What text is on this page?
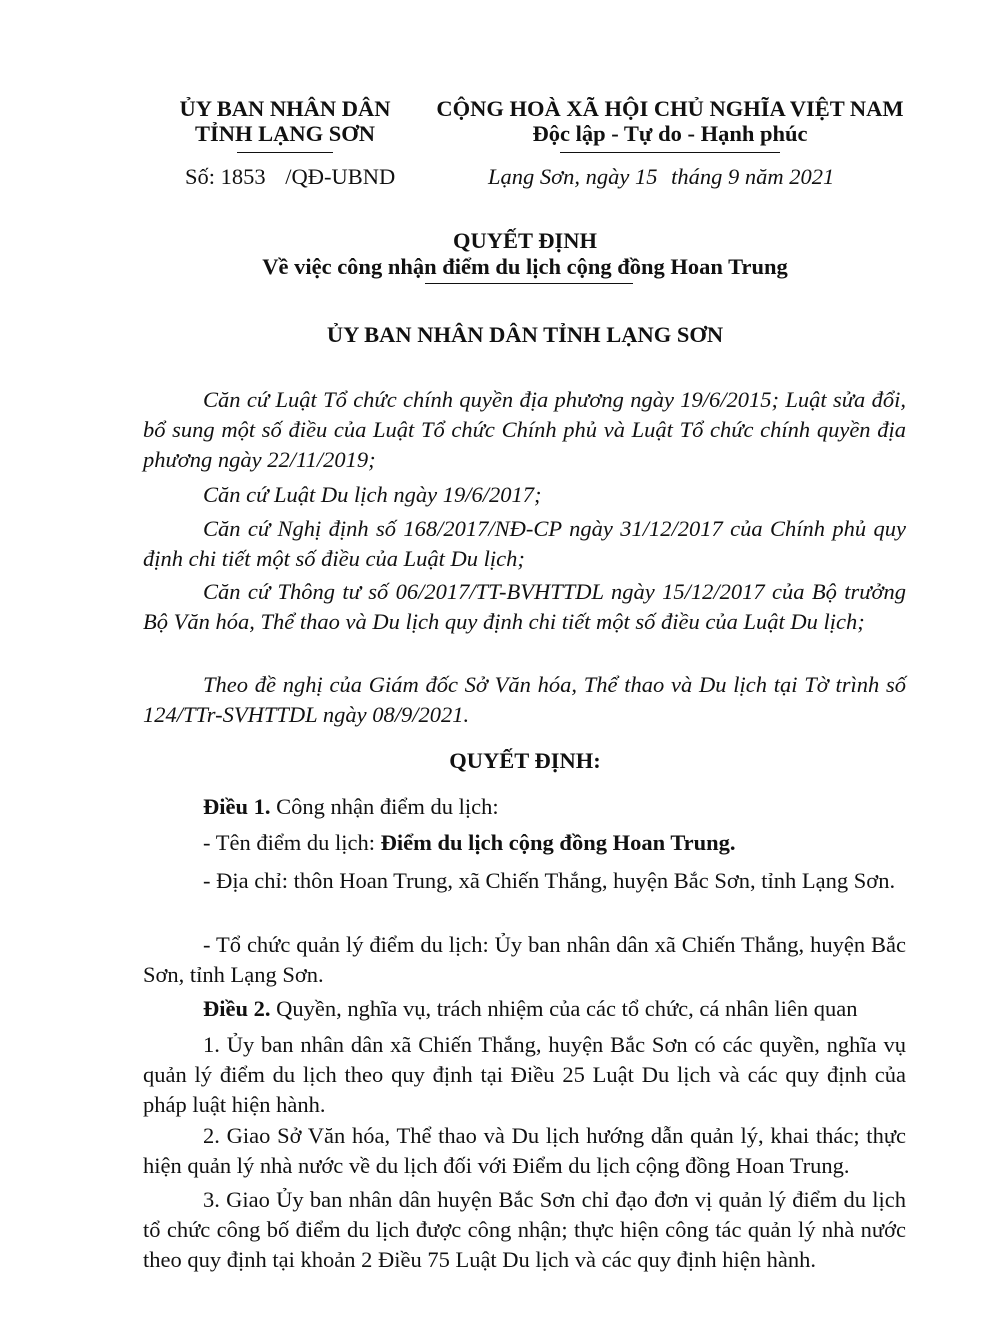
ỦY BAN NHÂN DÂN
TỈNH LẠNG SƠN
CỘNG HOÀ XÃ HỘI CHỦ NGHĨA VIỆT NAM
Độc lập - Tự do - Hạnh phúc
Số: 1853 /QĐ-UBND	Lạng Sơn, ngày 15 tháng 9 năm 2021
QUYẾT ĐỊNH
Về việc công nhận điểm du lịch cộng đồng Hoan Trung
ỦY BAN NHÂN DÂN TỈNH LẠNG SƠN
Căn cứ Luật Tổ chức chính quyền địa phương ngày 19/6/2015; Luật sửa đổi, bổ sung một số điều của Luật Tổ chức Chính phủ và Luật Tổ chức chính quyền địa phương ngày 22/11/2019;
Căn cứ Luật Du lịch ngày 19/6/2017;
Căn cứ Nghị định số 168/2017/NĐ-CP ngày 31/12/2017 của Chính phủ quy định chi tiết một số điều của Luật Du lịch;
Căn cứ Thông tư số 06/2017/TT-BVHTTDL ngày 15/12/2017 của Bộ trưởng Bộ Văn hóa, Thể thao và Du lịch quy định chi tiết một số điều của Luật Du lịch;
Theo đề nghị của Giám đốc Sở Văn hóa, Thể thao và Du lịch tại Tờ trình số 124/TTr-SVHTTDL ngày 08/9/2021.
QUYẾT ĐỊNH:
Điều 1. Công nhận điểm du lịch:
- Tên điểm du lịch: Điểm du lịch cộng đồng Hoan Trung.
- Địa chỉ: thôn Hoan Trung, xã Chiến Thắng, huyện Bắc Sơn, tỉnh Lạng Sơn.
- Tổ chức quản lý điểm du lịch: Ủy ban nhân dân xã Chiến Thắng, huyện Bắc Sơn, tỉnh Lạng Sơn.
Điều 2. Quyền, nghĩa vụ, trách nhiệm của các tổ chức, cá nhân liên quan
1. Ủy ban nhân dân xã Chiến Thắng, huyện Bắc Sơn có các quyền, nghĩa vụ quản lý điểm du lịch theo quy định tại Điều 25 Luật Du lịch và các quy định của pháp luật hiện hành.
2. Giao Sở Văn hóa, Thể thao và Du lịch hướng dẫn quản lý, khai thác; thực hiện quản lý nhà nước về du lịch đối với Điểm du lịch cộng đồng Hoan Trung.
3. Giao Ủy ban nhân dân huyện Bắc Sơn chỉ đạo đơn vị quản lý điểm du lịch tổ chức công bố điểm du lịch được công nhận; thực hiện công tác quản lý nhà nước theo quy định tại khoản 2 Điều 75 Luật Du lịch và các quy định hiện hành.
